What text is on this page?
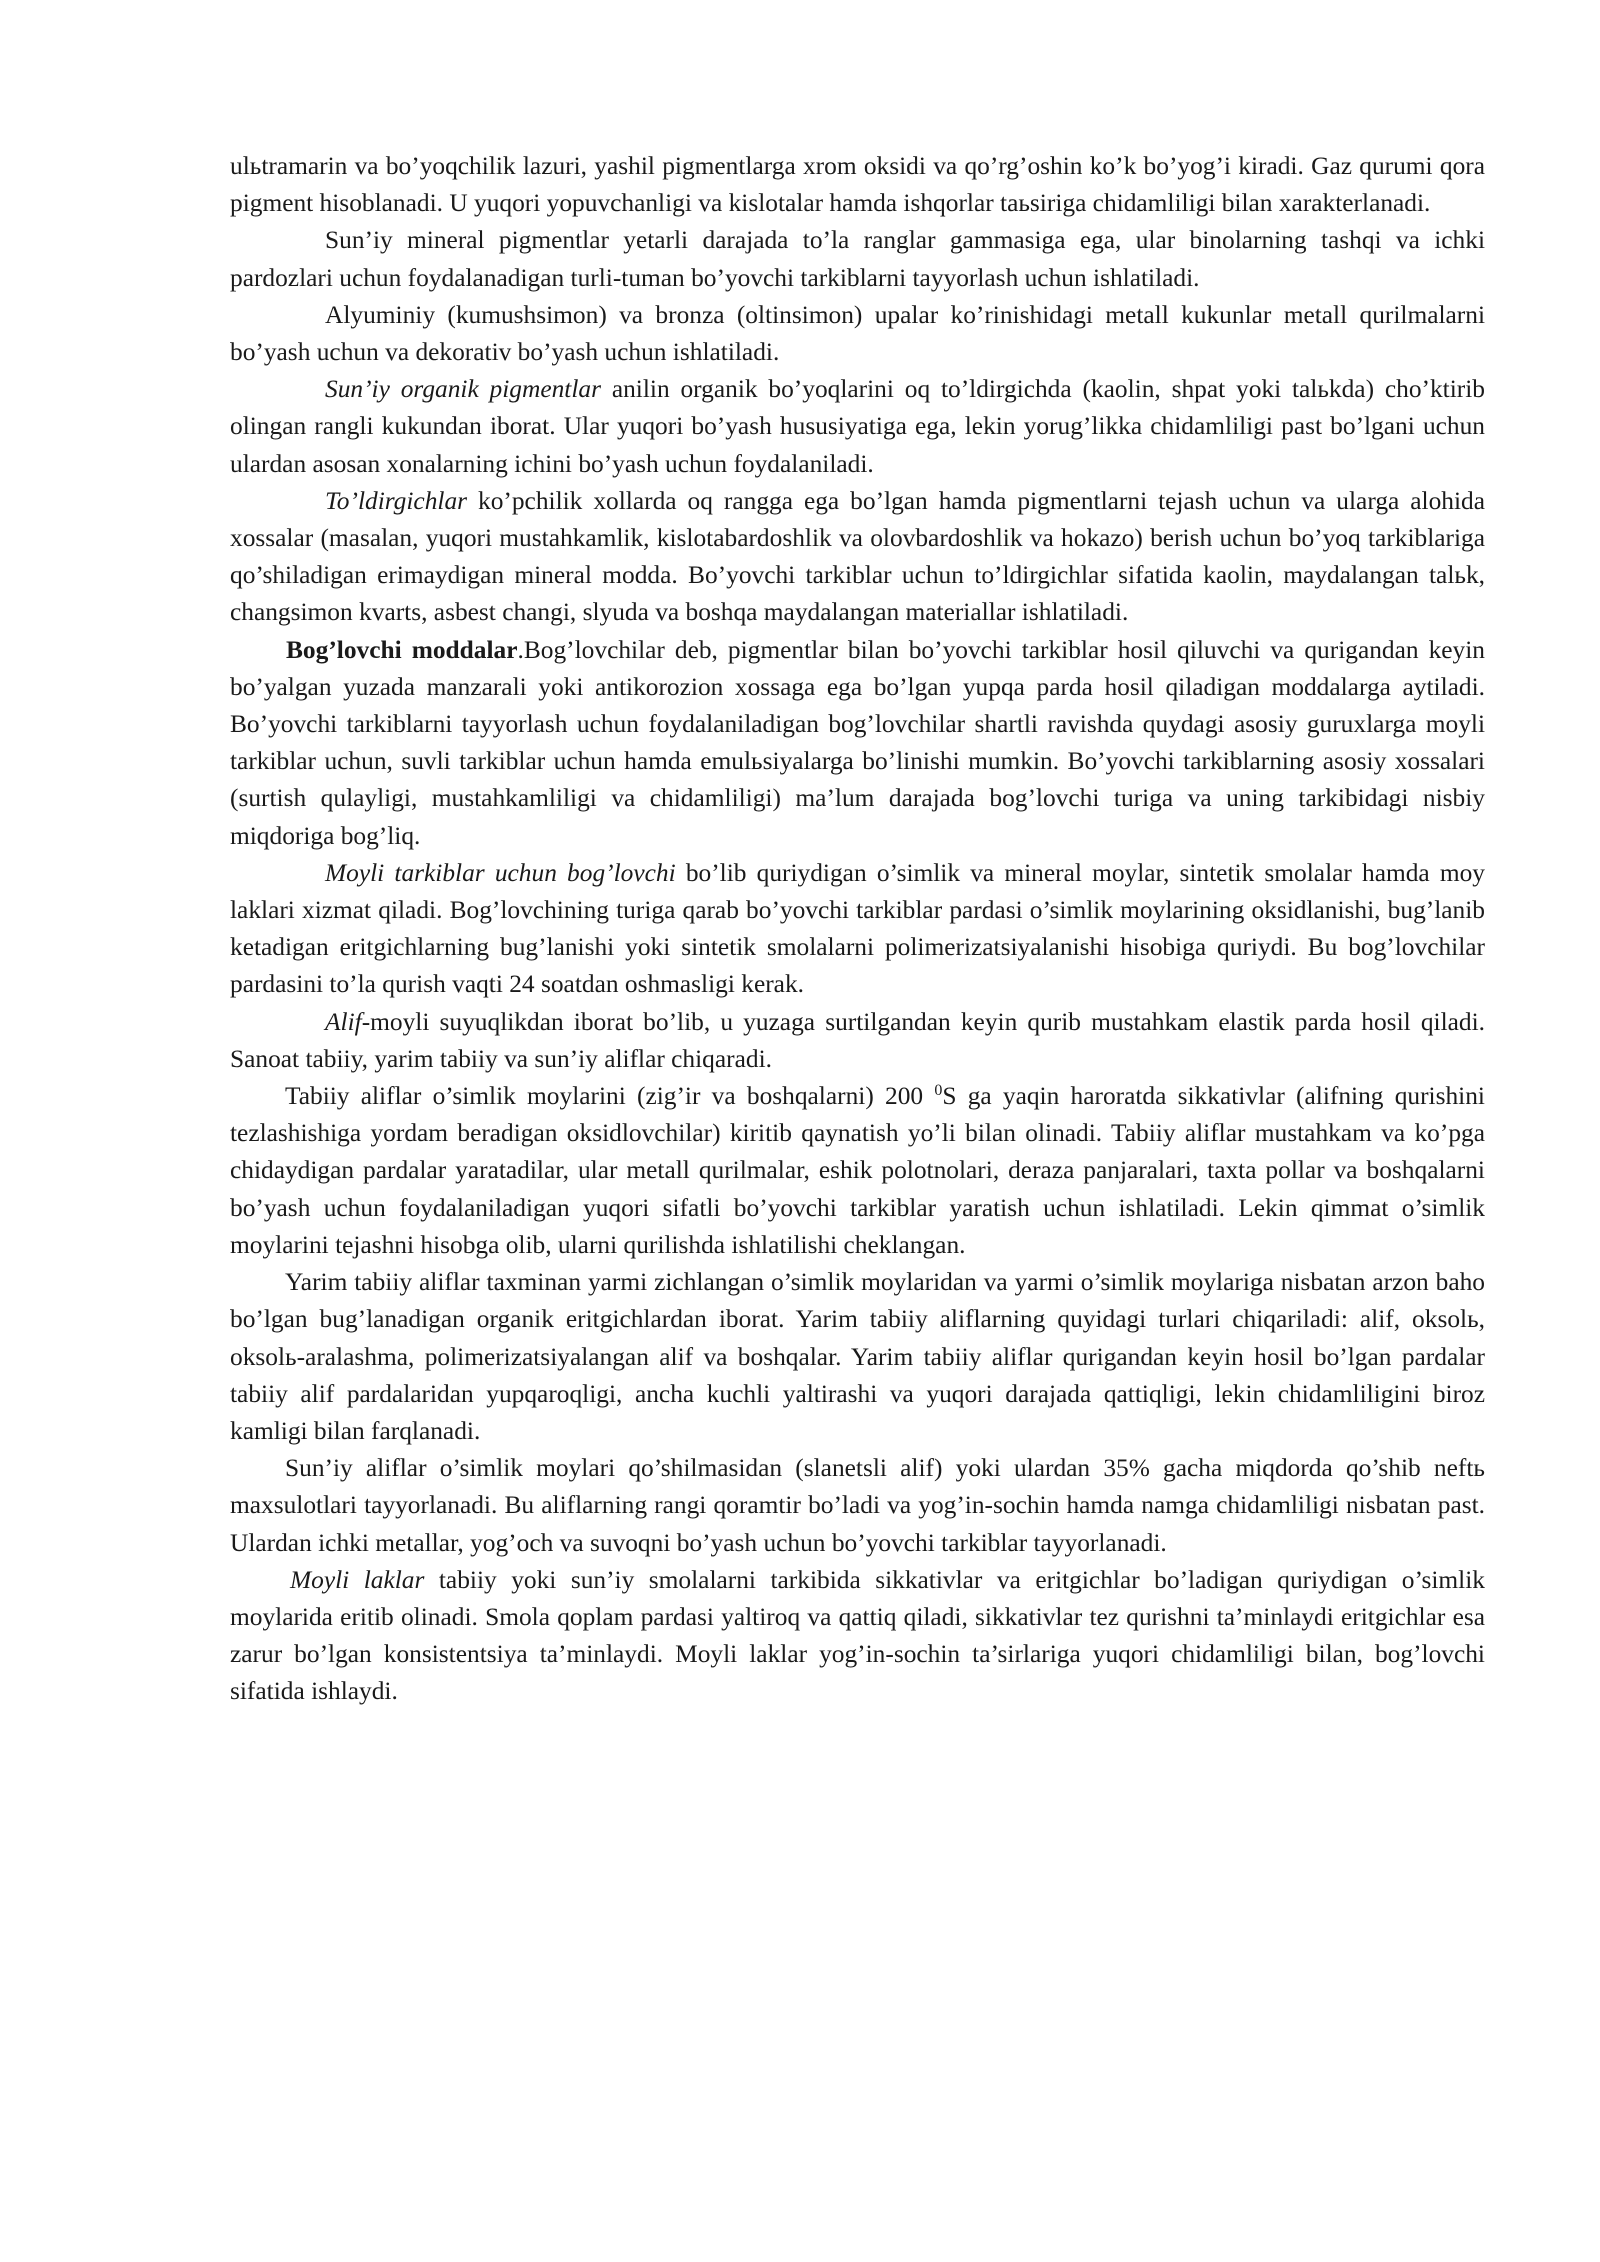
ulьtramarin va bo’yoqchilik lazuri, yashil pigmentlarga xrom oksidi va qo’rg’oshin ko’k bo’yog’i kiradi. Gaz qurumi qora pigment hisoblanadi. U yuqori yopuvchanligi va kislotalar hamda ishqorlar taьsiriga chidamliligi bilan xarakterlanadi.

Sun’iy mineral pigmentlar yetarli darajada to’la ranglar gammasiga ega, ular binolarning tashqi va ichki pardozlari uchun foydalanadigan turli-tuman bo’yovchi tarkiblarni tayyorlash uchun ishlatiladi.

Alyuminiy (kumushsimon) va bronza (oltinsimon) upalar ko’rinishidagi metall kukunlar metall qurilmalarni bo’yash uchun va dekorativ bo’yash uchun ishlatiladi.

Sun’iy organik pigmentlar anilin organik bo’yoqlarini oq to’ldirgichda (kaolin, shpat yoki talьkda) cho’ktirib olingan rangli kukundan iborat. Ular yuqori bo’yash hususiyatiga ega, lekin yorug’likka chidamliligi past bo’lgani uchun ulardan asosan xonalarning ichini bo’yash uchun foydalaniladi.

To’ldirgichlar ko’pchilik xollarda oq rangga ega bo’lgan hamda pigmentlarni tejash uchun va ularga alohida xossalar (masalan, yuqori mustahkamlik, kislotabardoshlik va olovbardoshlik va hokazo) berish uchun bo’yoq tarkiblariga qo’shiladigan erimaydigan mineral modda. Bo’yovchi tarkiblar uchun to’ldirgichlar sifatida kaolin, maydalangan talьk, changsimon kvarts, asbest changi, slyuda va boshqa maydalangan materiallar ishlatiladi.

Bog’lovchi moddalar.Bog’lovchilar deb, pigmentlar bilan bo’yovchi tarkiblar hosil qiluvchi va qurigandan keyin bo’yalgan yuzada manzarali yoki antikorozion xossaga ega bo’lgan yupqa parda hosil qiladigan moddalarga aytiladi. Bo’yovchi tarkiblarni tayyorlash uchun foydalaniladigan bog’lovchilar shartli ravishda quydagi asosiy guruxlarga moyli tarkiblar uchun, suvli tarkiblar uchun hamda emulьsiyalarga bo’linishi mumkin. Bo’yovchi tarkiblarning asosiy xossalari (surtish qulayligi, mustahkamliligi va chidamliligi) ma’lum darajada bog’lovchi turiga va uning tarkibidagi nisbiy miqdoriga bog’liq.

Moyli tarkiblar uchun bog’lovchi bo’lib quriydigan o’simlik va mineral moylar, sintetik smolalar hamda moy laklari xizmat qiladi. Bog’lovchining turiga qarab bo’yovchi tarkiblar pardasi o’simlik moylarining oksidlanishi, bug’lanib ketadigan eritgichlarning bug’lanishi yoki sintetik smolalarni polimerizatsiyalanishi hisobiga quriydi. Bu bog’lovchilar pardasini to’la qurish vaqti 24 soatdan oshmasligi kerak.

Alif-moyli suyuqlikdan iborat bo’lib, u yuzaga surtilgandan keyin qurib mustahkam elastik parda hosil qiladi. Sanoat tabiiy, yarim tabiiy va sun’iy aliflar chiqaradi.

Tabiiy aliflar o’simlik moylarini (zig’ir va boshqalarni) 200 $^0$S ga yaqin haroratda sikkativlar (alifning qurishini tezlashishiga yordam beradigan oksidlovchilar) kiritib qaynatish yo’li bilan olinadi. Tabiiy aliflar mustahkam va ko’pga chidaydigan pardalar yaratadilar, ular metall qurilmalar, eshik polotnolari, deraza panjaralari, taxta pollar va boshqalarni bo’yash uchun foydalaniladigan yuqori sifatli bo’yovchi tarkiblar yaratish uchun ishlatiladi. Lekin qimmat o’simlik moylarini tejashni hisobga olib, ularni qurilishda ishlatilishi cheklangan.

Yarim tabiiy aliflar taxminan yarmi zichlangan o’simlik moylaridan va yarmi o’simlik moylariga nisbatan arzon baho bo’lgan bug’lanadigan organik eritgichlardan iborat. Yarim tabiiy aliflarning quyidagi turlari chiqariladi: alif, oksolь, oksolь-aralashma, polimerizatsiyalangan alif va boshqalar. Yarim tabiiy aliflar qurigandan keyin hosil bo’lgan pardalar tabiiy alif pardalaridan yupqaroqligi, ancha kuchli yaltirashi va yuqori darajada qattiqligi, lekin chidamliligini biroz kamligi bilan farqlanadi.

Sun’iy aliflar o’simlik moylari qo’shilmasidan (slanetsli alif) yoki ulardan 35% gacha miqdorda qo’shib neftь maxsulotlari tayyorlanadi. Bu aliflarning rangi qoramtir bo’ladi va yog’in-sochin hamda namga chidamliligi nisbatan past. Ulardan ichki metallar, yog’och va suvoqni bo’yash uchun bo’yovchi tarkiblar tayyorlanadi.

Moyli laklar tabiiy yoki sun’iy smolalarni tarkibida sikkativlar va eritgichlar bo’ladigan quriydigan o’simlik moylarida eritib olinadi. Smola qoplam pardasi yaltiroq va qattiq qiladi, sikkativlar tez qurishni ta’minlaydi eritgichlar esa zarur bo’lgan konsistentsiya ta’minlaydi. Moyli laklar yog’in-sochin ta’sirlariga yuqori chidamliligi bilan, bog’lovchi sifatida ishlaydi.
